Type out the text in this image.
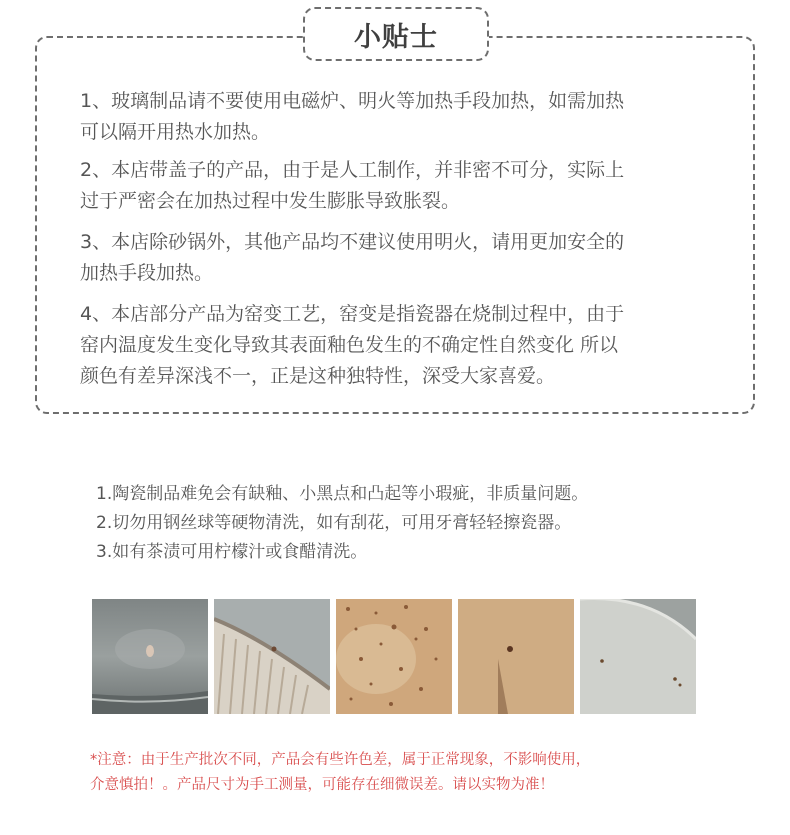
小贴士
1、玻璃制品请不要使用电磁炉、明火等加热手段加热，如需加热
可以隔开用热水加热。
2、本店带盖子的产品，由于是人工制作，并非密不可分，实际上
过于严密会在加热过程中发生膨胀导致胀裂。
3、本店除砂锅外，其他产品均不建议使用明火，请用更加安全的
加热手段加热。
4、本店部分产品为窑变工艺，窑变是指瓷器在烧制过程中，由于
窑内温度发生变化导致其表面釉色发生的不确定性自然变化 所以
颜色有差异深浅不一，正是这种独特性，深受大家喜爱。
1.陶瓷制品难免会有缺釉、小黑点和凸起等小瑕疵，非质量问题。
2.切勿用钢丝球等硬物清洗，如有刮花，可用牙膏轻轻擦瓷器。
3.如有茶渍可用柠檬汁或食醋清洗。
*注意：由于生产批次不同，产品会有些许色差，属于正常现象，不影响使用，
介意慎拍！。产品尺寸为手工测量，可能存在细微误差。请以实物为准！
